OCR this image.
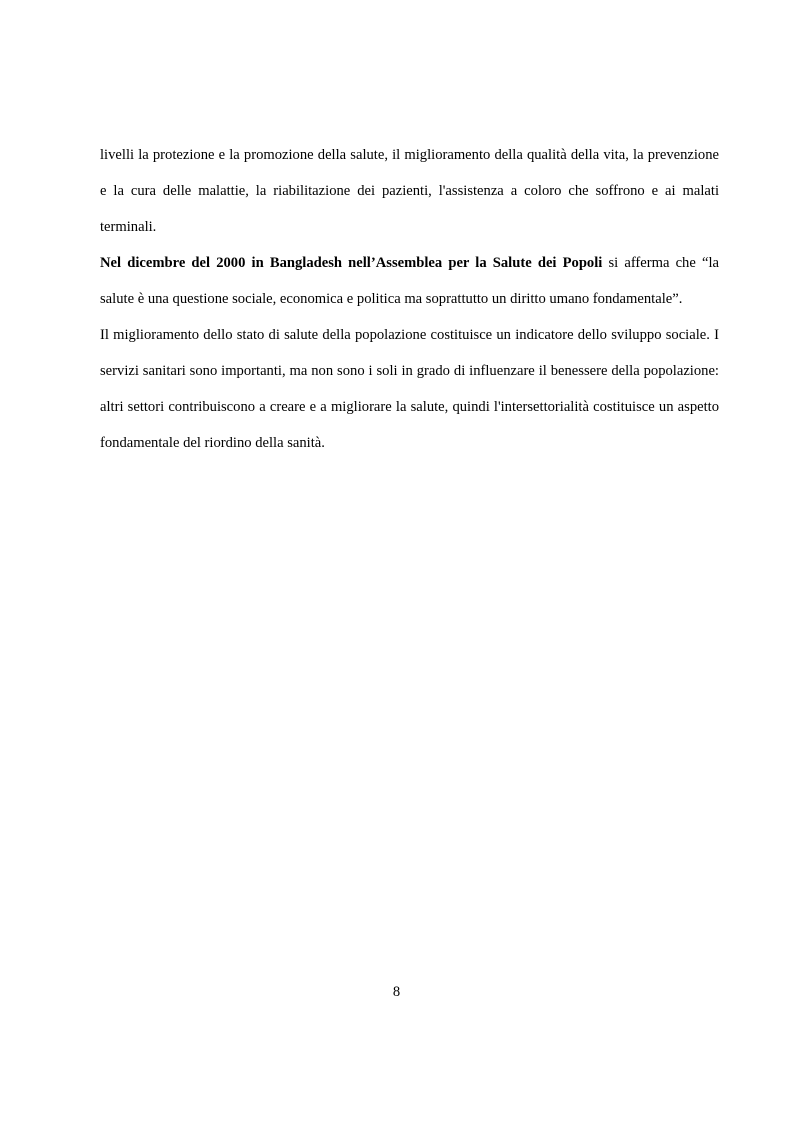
livelli la protezione e la promozione della salute, il miglioramento della qualità della vita, la prevenzione e la cura delle malattie, la riabilitazione dei pazienti, l'assistenza a coloro che soffrono e ai malati terminali.

Nel dicembre del 2000 in Bangladesh nell’Assemblea per la Salute dei Popoli si afferma che “la salute è una questione sociale, economica e politica ma soprattutto un diritto umano fondamentale”.

Il miglioramento dello stato di salute della popolazione costituisce un indicatore dello sviluppo sociale. I servizi sanitari sono importanti, ma non sono i soli in grado di influenzare il benessere della popolazione: altri settori contribuiscono a creare e a migliorare la salute, quindi l'intersettorialità costituisce un aspetto fondamentale del riordino della sanità.

8
